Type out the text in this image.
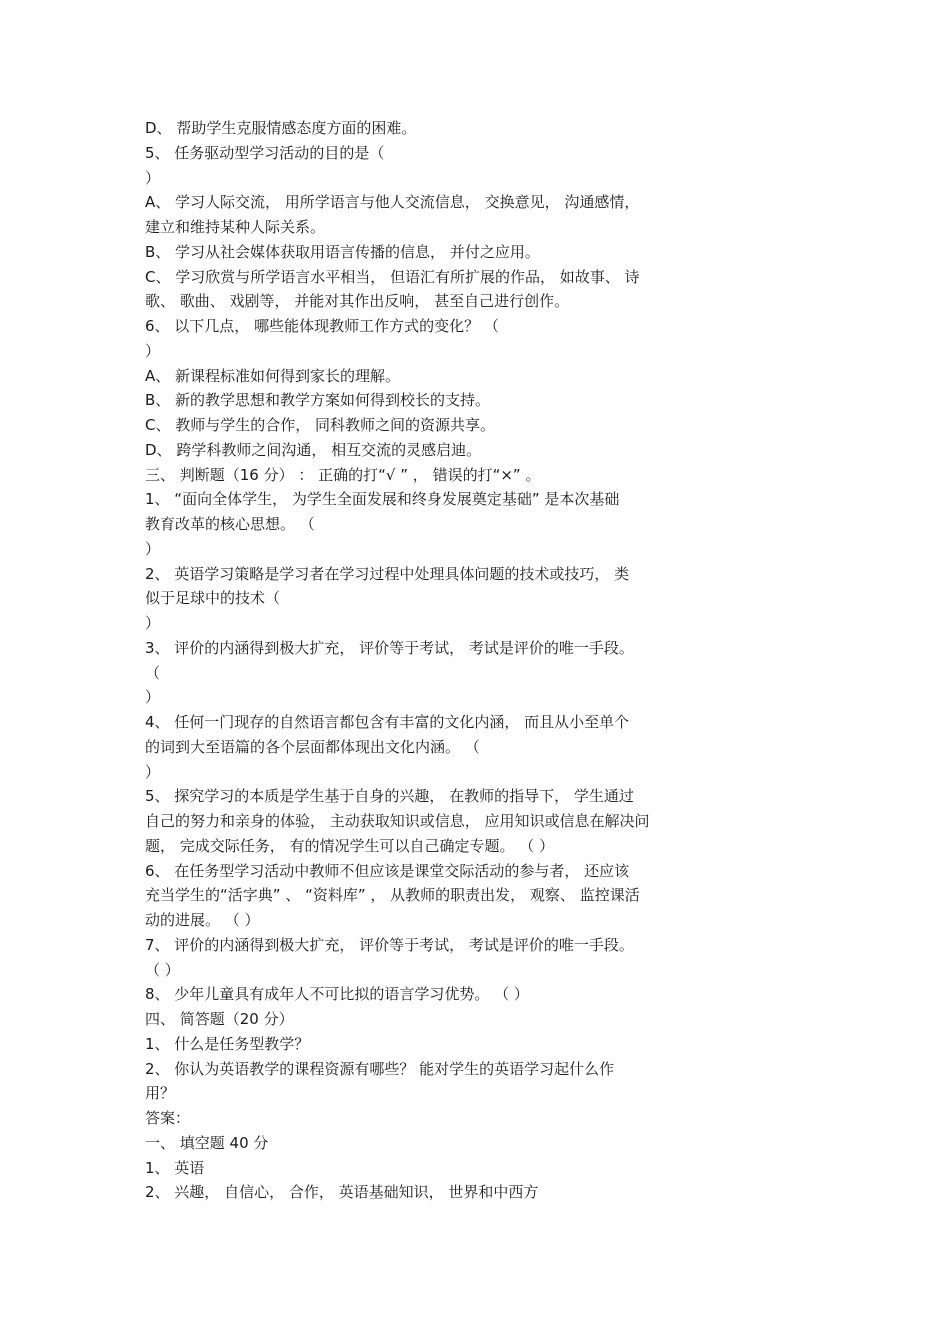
D、 帮助学生克服情感态度方面的困难。
5、 任务驱动型学习活动的目的是（
）
A、 学习人际交流， 用所学语言与他人交流信息， 交换意见， 沟通感情，
建立和维持某种人际关系。
B、 学习从社会媒体获取用语言传播的信息， 并付之应用。
C、 学习欣赏与所学语言水平相当， 但语汇有所扩展的作品， 如故事、 诗
歌、 歌曲、 戏剧等， 并能对其作出反响， 甚至自己进行创作。
6、 以下几点， 哪些能体现教师工作方式的变化？ （
）
A、 新课程标准如何得到家长的理解。
B、 新的教学思想和教学方案如何得到校长的支持。
C、 教师与学生的合作， 同科教师之间的资源共享。
D、 跨学科教师之间沟通， 相互交流的灵感启迪。
三、 判断题（16 分） ： 正确的打“√ ” ， 错误的打“×” 。
1、 “面向全体学生， 为学生全面发展和终身发展奠定基础” 是本次基础
教育改革的核心思想。 （
）
2、 英语学习策略是学习者在学习过程中处理具体问题的技术或技巧， 类
似于足球中的技术（
）
3、 评价的内涵得到极大扩充， 评价等于考试， 考试是评价的唯一手段。
（
）
4、 任何一门现存的自然语言都包含有丰富的文化内涵， 而且从小至单个
的词到大至语篇的各个层面都体现出文化内涵。 （
）
5、 探究学习的本质是学生基于自身的兴趣， 在教师的指导下， 学生通过
自己的努力和亲身的体验， 主动获取知识或信息， 应用知识或信息在解决问
题， 完成交际任务， 有的情况学生可以自己确定专题。 （ ）
6、 在任务型学习活动中教师不但应该是课堂交际活动的参与者， 还应该
充当学生的“活字典” 、 “资料库” ， 从教师的职责出发， 观察、 监控课活
动的进展。 （ ）
7、 评价的内涵得到极大扩充， 评价等于考试， 考试是评价的唯一手段。
（ ）
8、 少年儿童具有成年人不可比拟的语言学习优势。 （ ）
四、 简答题（20 分）
1、 什么是任务型教学？
2、 你认为英语教学的课程资源有哪些？ 能对学生的英语学习起什么作
用？
答案：
一、 填空题 40 分
1、 英语
2、 兴趣， 自信心， 合作， 英语基础知识， 世界和中西方
